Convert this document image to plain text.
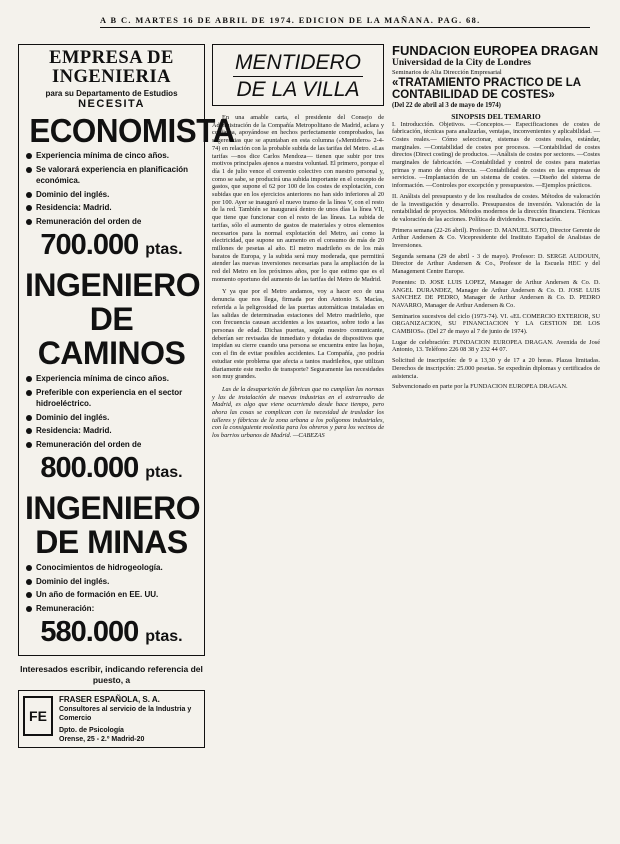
A B C. MARTES 16 DE ABRIL DE 1974. EDICION DE LA MAÑANA. PAG. 68.
EMPRESA DE INGENIERIA
para su Departamento de Estudios
NECESITA
ECONOMISTA
Experiencia mínima de cinco años.
Se valorará experiencia en planificación económica.
Dominio del inglés.
Residencia: Madrid.
Remuneración del orden de
700.000 ptas.
INGENIERO
DE CAMINOS
Experiencia mínima de cinco años.
Preferible con experiencia en el sector hidroeléctrico.
Dominio del inglés.
Residencia: Madrid.
Remuneración del orden de
800.000 ptas.
INGENIERO
DE MINAS
Conocimientos de hidrogeología.
Dominio del inglés.
Un año de formación en EE. UU.
Remuneración:
580.000 ptas.
Interesados escribir, indicando referencia del puesto, a
FE
FRASER ESPAÑOLA, S. A.
Consultores al servicio de la Industria y Comercio
Dpto. de Psicología
Orense, 25 - 2.º Madrid-20
MENTIDERO
DE LA VILLA

En una amable carta, el presidente del Consejo de Administración de la Compañía Metropolitano de Madrid, aclara y confirma, apoyándose en hechos perfectamente comprobados, las sugerencias que se apuntaban en esta columna («Mentidero» 2-4-74) en relación con la probable subida de las tarifas del Metro. «Las tarifas —nos dice Carlos Mendoza— tienen que subir por tres motivos principales ajenos a nuestra voluntad. El primero, porque el día 1 de julio vence el convenio colectivo con nuestro personal y, como se sabe, se producirá una subida importante en el concepto de gastos, que supone el 62 por 100 de los costes de explotación, con subidas que en los ejercicios anteriores no han sido inferiores al 20 por 100. Ayer se inauguró el nuevo tramo de la línea V, con el resto de la red. También se inaugurará dentro de unos días la línea VII, que tiene que funcionar con el resto de las líneas. La subida de tarifas, sólo el aumento de gastos de materiales y otros elementos necesarios para la normal explotación del Metro, así como la electricidad, que supone un aumento en el consumo de más de 20 millones de pesetas al año. El metro madrileño es de los más baratos de Europa, y la subida será muy moderada, que permitirá atender las nuevas inversiones necesarias para la ampliación de la red del Metro en los próximos años, por lo que estimo que es el momento oportuno del aumento de las tarifas del Metro de Madrid.

Y ya que por el Metro andamos, voy a hacer eco de una denuncia que nos llega, firmada por don Antonio S. Macías, referida a la peligrosidad de las puertas automáticas instaladas en las salidas de determinadas estaciones del Metro madrileño, que con frecuencia causan accidentes a los usuarios, sobre todo a las personas de edad. Dichas puertas, según nuestro comunicante, deberían ser revisadas de inmediato y dotadas de dispositivos que impidan su cierre cuando una persona se encuentra entre las hojas, con el fin de evitar posibles accidentes. La Compañía, ¿no podría estudiar este problema que afecta a tantos madrileños, que utilizan diariamente este medio de transporte? Seguramente las necesidades son muy grandes.

Las de la desaparición de fábricas que no cumplían las normas y las de instalación de nuevas industrias en el extrarradio de Madrid, es algo que viene ocurriendo desde hace tiempo, pero ahora las cosas se complican con la necesidad de trasladar los talleres y fábricas de la zona urbana a los polígonos industriales, con la consiguiente molestia para los obreros y para los vecinos de los barrios urbanos de Madrid. —CABEZAS

FUNDACION EUROPEA DRAGAN
Universidad de la City de Londres
Seminarios de Alta Dirección Empresarial
«TRATAMIENTO PRACTICO DE LA CONTABILIDAD DE COSTES»
(Del 22 de abril al 3 de mayo de 1974)
SINOPSIS DEL TEMARIO

I. Introducción. Objetivos. —Conceptos.— Especificaciones de costes de fabricación, técnicas para analizarlas, ventajas, inconvenientes y aplicabilidad. —Costes reales.— Cómo seleccionar, sistemas de costes reales, estándar, marginales. —Contabilidad de costes por procesos. —Contabilidad de costes directos (Direct costing) de productos. —Análisis de costes por sectores. —Costes marginales de fabricación. —Contabilidad y control de costes para materias primas y mano de obra directa. —Contabilidad de costes en las empresas de servicios. —Implantación de un sistema de costes. —Diseño del sistema de información. —Controles por excepción y presupuestos. —Ejemplos prácticos.

II. Análisis del presupuesto y de los resultados de costes. Métodos de valoración de la investigación y desarrollo. Presupuestos de inversión. Valoración de la rentabilidad de proyectos. Métodos modernos de la dirección financiera. Técnicas de valoración de las acciones. Política de dividendos. Financiación.

Primera semana (22-26 abril). Profesor: D. MANUEL SOTO, Director Gerente de Arthur Andersen & Co. Vicepresidente del Instituto Español de Analistas de Inversiones.

Segunda semana (29 de abril - 3 de mayo). Profesor: D. SERGE AUDOUIN, Director de Arthur Andersen & Co., Profesor de la Escuela HEC y del Management Centre Europe.

Ponentes: D. JOSE LUIS LOPEZ, Manager de Arthur Andersen & Co. D. ANGEL DURANDEZ, Manager de Arthur Andersen & Co. D. JOSE LUIS SANCHEZ DE PEDRO, Manager de Arthur Andersen & Co. D. PEDRO NAVARRO, Manager de Arthur Andersen & Co.

Seminarios sucesivos del ciclo (1973-74). VI. «EL COMERCIO EXTERIOR, SU ORGANIZACION, SU FINANCIACION Y LA GESTION DE LOS CAMBIOS». (Del 27 de mayo al 7 de junio de 1974).

Lugar de celebración: FUNDACION EUROPEA DRAGAN. Avenida de José Antonio, 13. Teléfono 226 08 38 y 232 44 07.

Solicitud de inscripción: de 9 a 13,30 y de 17 a 20 horas. Plazas limitadas. Derechos de inscripción: 25.000 pesetas. Se expedirán diplomas y certificados de asistencia.

Subvencionado en parte por la FUNDACION EUROPEA DRAGAN.
